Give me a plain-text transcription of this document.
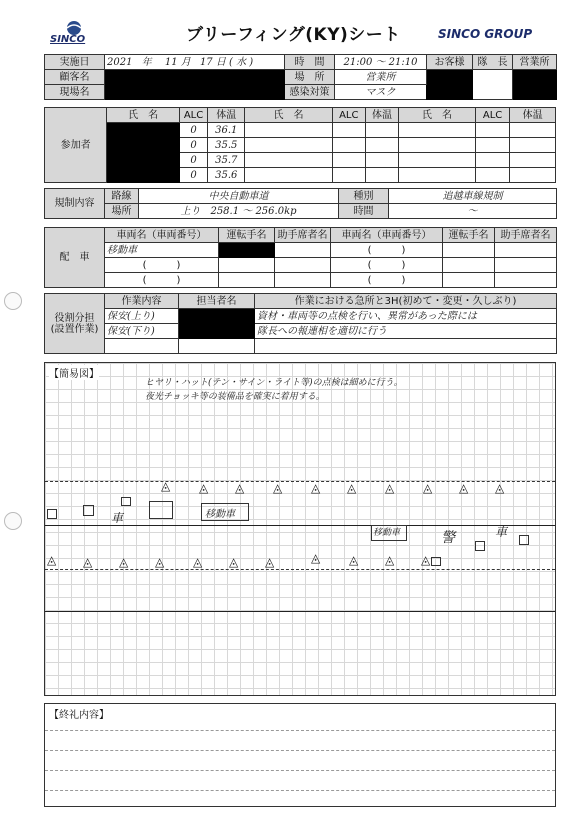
SINCO	ブリーフィング(KY)シート	SINCO GROUP
実施日	2021 年 11 月 17 日 ( 水 )	時　間	21:00 〜 21:10	お客様	隊　長	営業所
顧客名		場　所	営業所			
現場名		感染対策	マスク			
参加者	氏　名	ALC	体温	氏　名	ALC	体温	氏　名	ALC	体温
		0	36.1						
		0	35.5						
		0	35.7						
		0	35.6						
規制内容	路線	中央自動車道	種別	追越車線規制
	場所	上り　258.1 〜 256.0kp	時間	〜
配　車	車両名（車両番号）	運転手名	助手席者名	車両名（車両番号）	運転手名	助手席者名
	移動車			(　　　)		
	(　　　)			(　　　)		
	(　　　)			(　　　)		
役割分担
(設置作業)	作業内容	担当者名	作業における急所と3H(初めて・変更・久しぶり)
	保安(上り)		資材・車両等の点検を行い、異常があった際には
	保安(下り)		隊長への報連相を適切に行う

【簡易図】
ヒヤリ・ハット(テン・サイン・ライト等)の点検は細めに行う。
夜光チョッキ等の装備品を確実に着用する。
◬ ◬ ◬ ◬ ◬ ◬ ◬ ◬ ◬ ◬
車	移動車
移動車	警	車
◬ ◬ ◬ ◬ ◬ ◬ ◬	◬ ◬ ◬ ◬
【終礼内容】
